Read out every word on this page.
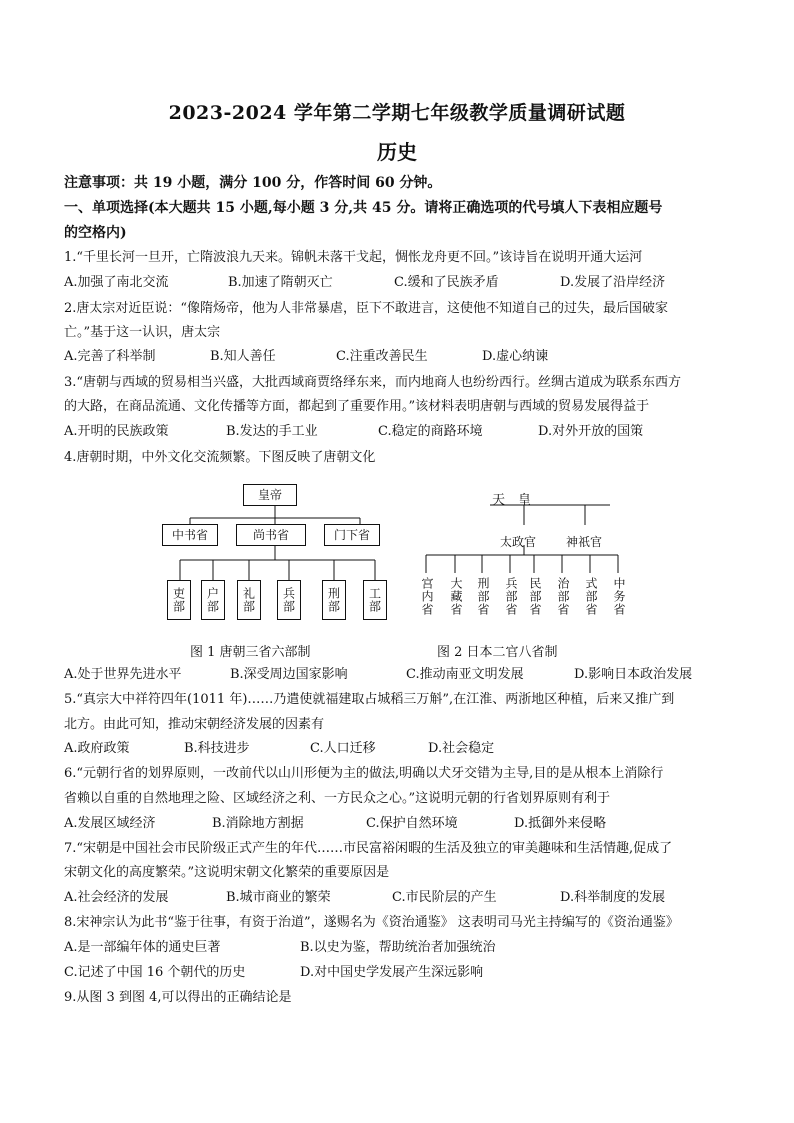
2023-2024 学年第二学期七年级教学质量调研试题
历史
注意事项：共 19 小题，满分 100 分，作答时间 60 分钟。
一、单项选择(本大题共 15 小题,每小题 3 分,共 45 分。请将正确选项的代号填人下表相应题号
的空格内)
1.“千里长河一旦开，亡隋波浪九天来。锦帆未落干戈起，惆怅龙舟更不回。”该诗旨在说明开通大运河
A.加强了南北交流	B.加速了隋朝灭亡	C.缓和了民族矛盾	D.发展了沿岸经济
2.唐太宗对近臣说：“像隋炀帝，他为人非常暴虐，臣下不敢进言，这使他不知道自己的过失，最后国破家
亡。”基于这一认识，唐太宗
A.完善了科举制	B.知人善任	C.注重改善民生	D.虚心纳谏
3.“唐朝与西域的贸易相当兴盛，大批西域商贾络绎东来，而内地商人也纷纷西行。丝绸古道成为联系东西方
的大路，在商品流通、文化传播等方面，都起到了重要作用。”该材料表明唐朝与西域的贸易发展得益于
A.开明的民族政策	B.发达的手工业	C.稳定的商路环境	D.对外开放的国策
4.唐朝时期，中外文化交流频繁。下图反映了唐朝文化
皇帝
中书省	尚书省	门下省
吏部	户部	礼部	兵部	刑部	工部
图 1 唐朝三省六部制
天　皇
太政官 神祇官
宫内省 大藏省 刑部省 兵部省 民部省 治部省 式部省 中务省
图 2 日本二官八省制
A.处于世界先进水平	B.深受周边国家影响	C.推动南亚文明发展	D.影响日本政治发展
5.“真宗大中祥符四年(1011 年)……乃遣使就福建取占城稻三万斛”,在江淮、两浙地区种植，后来又推广到
北方。由此可知，推动宋朝经济发展的因素有
A.政府政策	B.科技进步	C.人口迁移	D.社会稳定
6.“元朝行省的划界原则，一改前代以山川形便为主的做法,明确以犬牙交错为主导,目的是从根本上消除行
省赖以自重的自然地理之险、区域经济之利、一方民众之心。”这说明元朝的行省划界原则有利于
A.发展区域经济	B.消除地方割据	C.保护自然环境	D.抵御外来侵略
7.“宋朝是中国社会市民阶级正式产生的年代……市民富裕闲暇的生活及独立的审美趣味和生活情趣,促成了
宋朝文化的高度繁荣。”这说明宋朝文化繁荣的重要原因是
A.社会经济的发展	B.城市商业的繁荣	C.市民阶层的产生	D.科举制度的发展
8.宋神宗认为此书“鉴于往事，有资于治道”，遂赐名为《资治通鉴》 这表明司马光主持编写的《资治通鉴》
A.是一部编年体的通史巨著	B.以史为鉴，帮助统治者加强统治
C.记述了中国 16 个朝代的历史	D.对中国史学发展产生深远影响
9.从图 3 到图 4,可以得出的正确结论是
